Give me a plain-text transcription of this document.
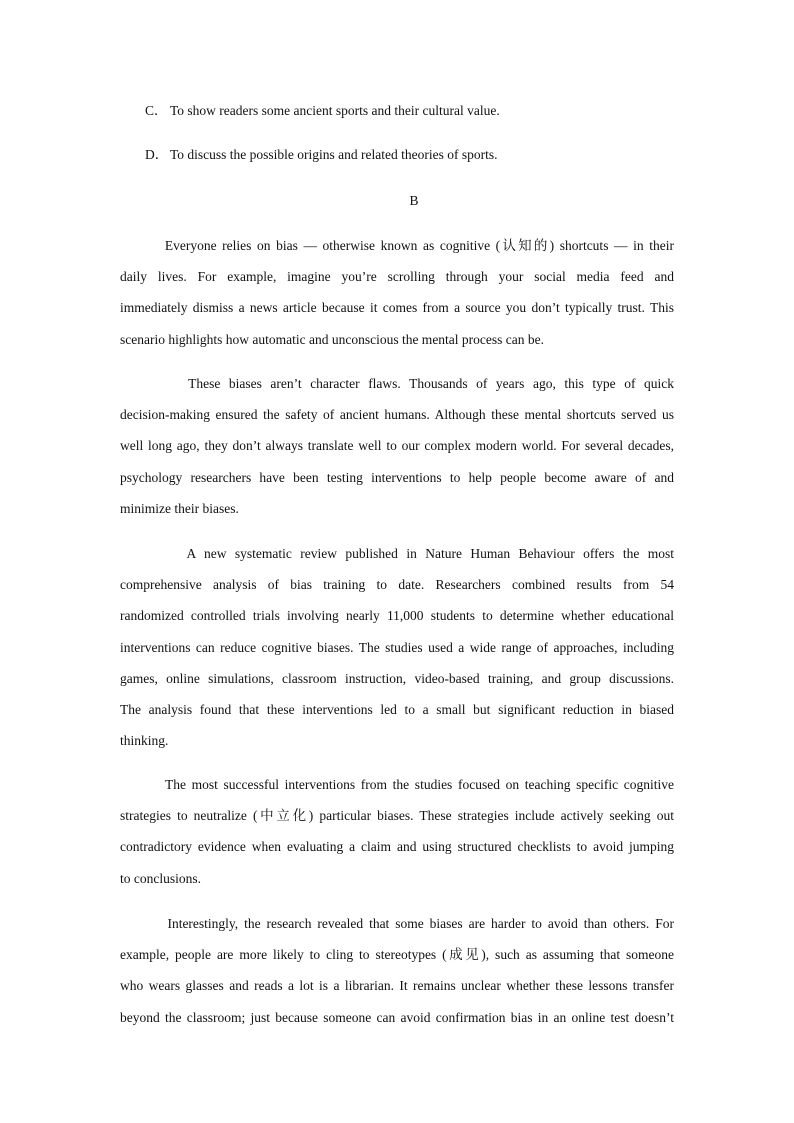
C． To show readers some ancient sports and their cultural value.
D． To discuss the possible origins and related theories of sports.
B
Everyone relies on bias — otherwise known as cognitive (认知的) shortcuts — in their
daily lives. For example, imagine you’re scrolling through your social media feed and
immediately dismiss a news article because it comes from a source you don’t typically trust. This
scenario highlights how automatic and unconscious the mental process can be.
These biases aren’t character flaws. Thousands of years ago, this type of quick
decision-making ensured the safety of ancient humans. Although these mental shortcuts served us
well long ago, they don’t always translate well to our complex modern world. For several decades,
psychology researchers have been testing interventions to help people become aware of and
minimize their biases.
A new systematic review published in Nature Human Behaviour offers the most
comprehensive analysis of bias training to date. Researchers combined results from 54
randomized controlled trials involving nearly 11,000 students to determine whether educational
interventions can reduce cognitive biases. The studies used a wide range of approaches, including
games, online simulations, classroom instruction, video-based training, and group discussions.
The analysis found that these interventions led to a small but significant reduction in biased
thinking.
The most successful interventions from the studies focused on teaching specific cognitive
strategies to neutralize (中立化) particular biases. These strategies include actively seeking out
contradictory evidence when evaluating a claim and using structured checklists to avoid jumping
to conclusions.
Interestingly, the research revealed that some biases are harder to avoid than others. For
example, people are more likely to cling to stereotypes (成见), such as assuming that someone
who wears glasses and reads a lot is a librarian. It remains unclear whether these lessons transfer
beyond the classroom; just because someone can avoid confirmation bias in an online test doesn’t
